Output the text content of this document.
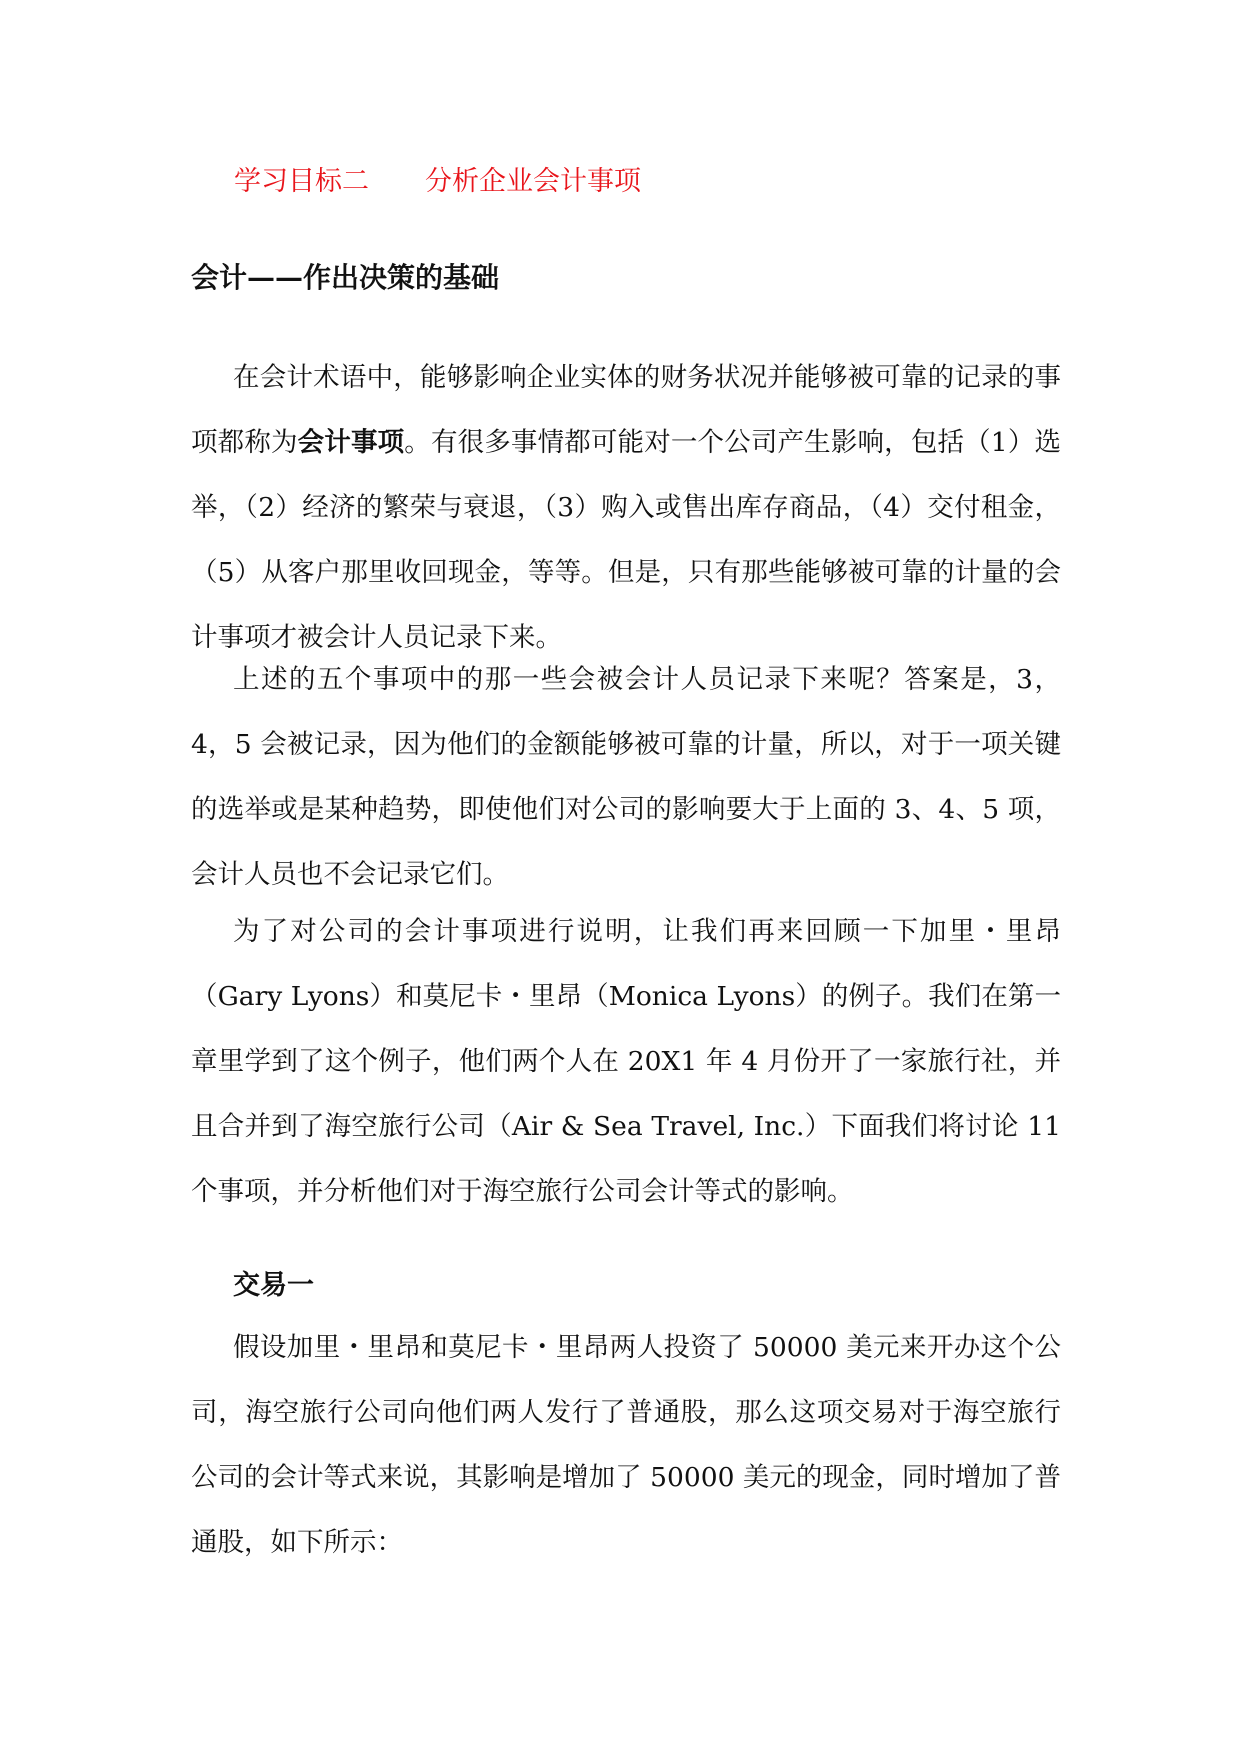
学习目标二 分析企业会计事项
会计——作出决策的基础

在会计术语中，能够影响企业实体的财务状况并能够被可靠的记录的事项都称为会计事项。有很多事情都可能对一个公司产生影响，包括（1）选举，（2）经济的繁荣与衰退，（3）购入或售出库存商品，（4）交付租金，（5）从客户那里收回现金，等等。但是，只有那些能够被可靠的计量的会计事项才被会计人员记录下来。

上述的五个事项中的那一些会被会计人员记录下来呢？答案是，3，4，5 会被记录，因为他们的金额能够被可靠的计量，所以，对于一项关键的选举或是某种趋势，即使他们对公司的影响要大于上面的 3、4、5 项，会计人员也不会记录它们。

为了对公司的会计事项进行说明，让我们再来回顾一下加里・里昂（Gary Lyons）和莫尼卡・里昂（Monica Lyons）的例子。我们在第一章里学到了这个例子，他们两个人在 20X1 年 4 月份开了一家旅行社，并且合并到了海空旅行公司（Air & Sea Travel, Inc.）下面我们将讨论 11 个事项，并分析他们对于海空旅行公司会计等式的影响。

交易一

假设加里・里昂和莫尼卡・里昂两人投资了 50000 美元来开办这个公司，海空旅行公司向他们两人发行了普通股，那么这项交易对于海空旅行公司的会计等式来说，其影响是增加了 50000 美元的现金，同时增加了普通股，如下所示：
